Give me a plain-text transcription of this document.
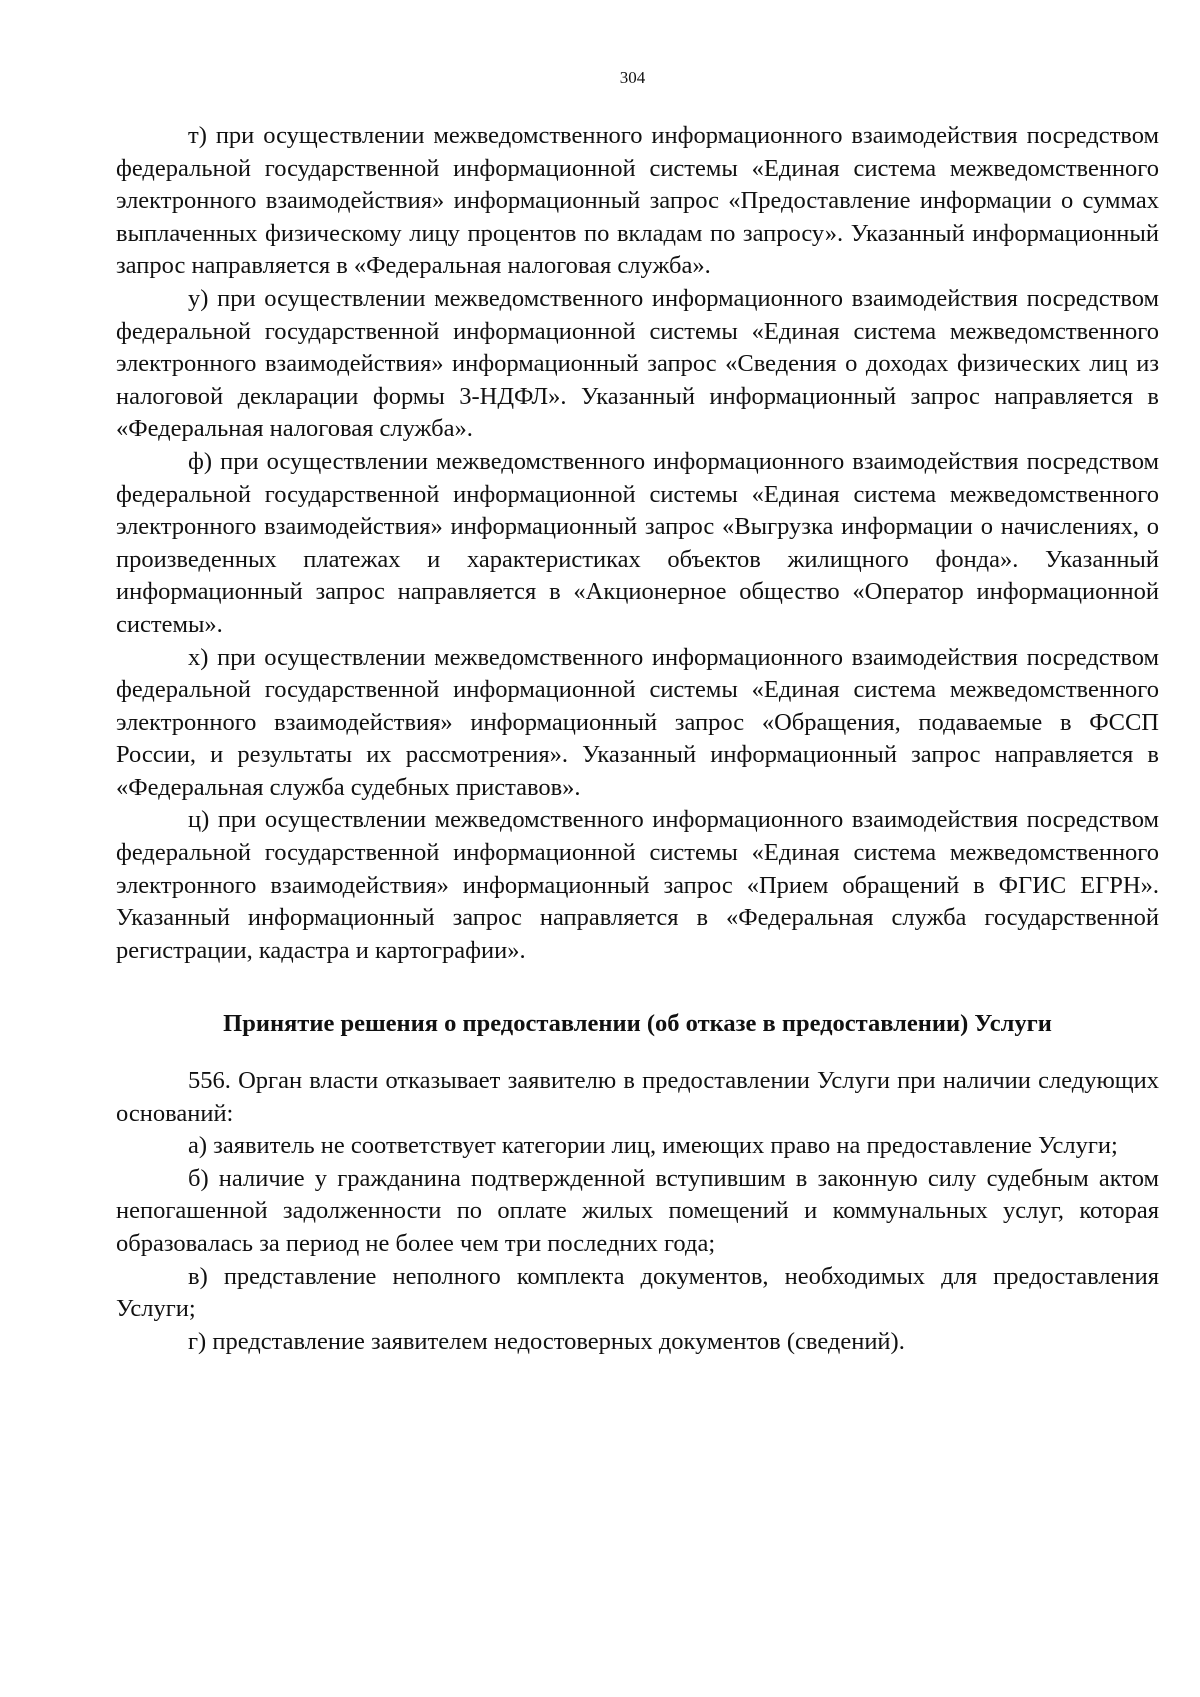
304

т) при осуществлении межведомственного информационного взаимодействия посредством федеральной государственной информационной системы «Единая система межведомственного электронного взаимодействия» информационный запрос «Предоставление информации о суммах выплаченных физическому лицу процентов по вкладам по запросу». Указанный информационный запрос направляется в «Федеральная налоговая служба».

у) при осуществлении межведомственного информационного взаимодействия посредством федеральной государственной информационной системы «Единая система межведомственного электронного взаимодействия» информационный запрос «Сведения о доходах физических лиц из налоговой декларации формы 3-НДФЛ». Указанный информационный запрос направляется в «Федеральная налоговая служба».

ф) при осуществлении межведомственного информационного взаимодействия посредством федеральной государственной информационной системы «Единая система межведомственного электронного взаимодействия» информационный запрос «Выгрузка информации о начислениях, о произведенных платежах и характеристиках объектов жилищного фонда». Указанный информационный запрос направляется в «Акционерное общество «Оператор информационной системы».

х) при осуществлении межведомственного информационного взаимодействия посредством федеральной государственной информационной системы «Единая система межведомственного электронного взаимодействия» информационный запрос «Обращения, подаваемые в ФССП России, и результаты их рассмотрения». Указанный информационный запрос направляется в «Федеральная служба судебных приставов».

ц) при осуществлении межведомственного информационного взаимодействия посредством федеральной государственной информационной системы «Единая система межведомственного электронного взаимодействия» информационный запрос «Прием обращений в ФГИС ЕГРН». Указанный информационный запрос направляется в «Федеральная служба государственной регистрации, кадастра и картографии».

Принятие решения о предоставлении (об отказе в предоставлении) Услуги

556. Орган власти отказывает заявителю в предоставлении Услуги при наличии следующих оснований:

а) заявитель не соответствует категории лиц, имеющих право на предоставление Услуги;

б) наличие у гражданина подтвержденной вступившим в законную силу судебным актом непогашенной задолженности по оплате жилых помещений и коммунальных услуг, которая образовалась за период не более чем три последних года;

в) представление неполного комплекта документов, необходимых для предоставления Услуги;

г) представление заявителем недостоверных документов (сведений).
